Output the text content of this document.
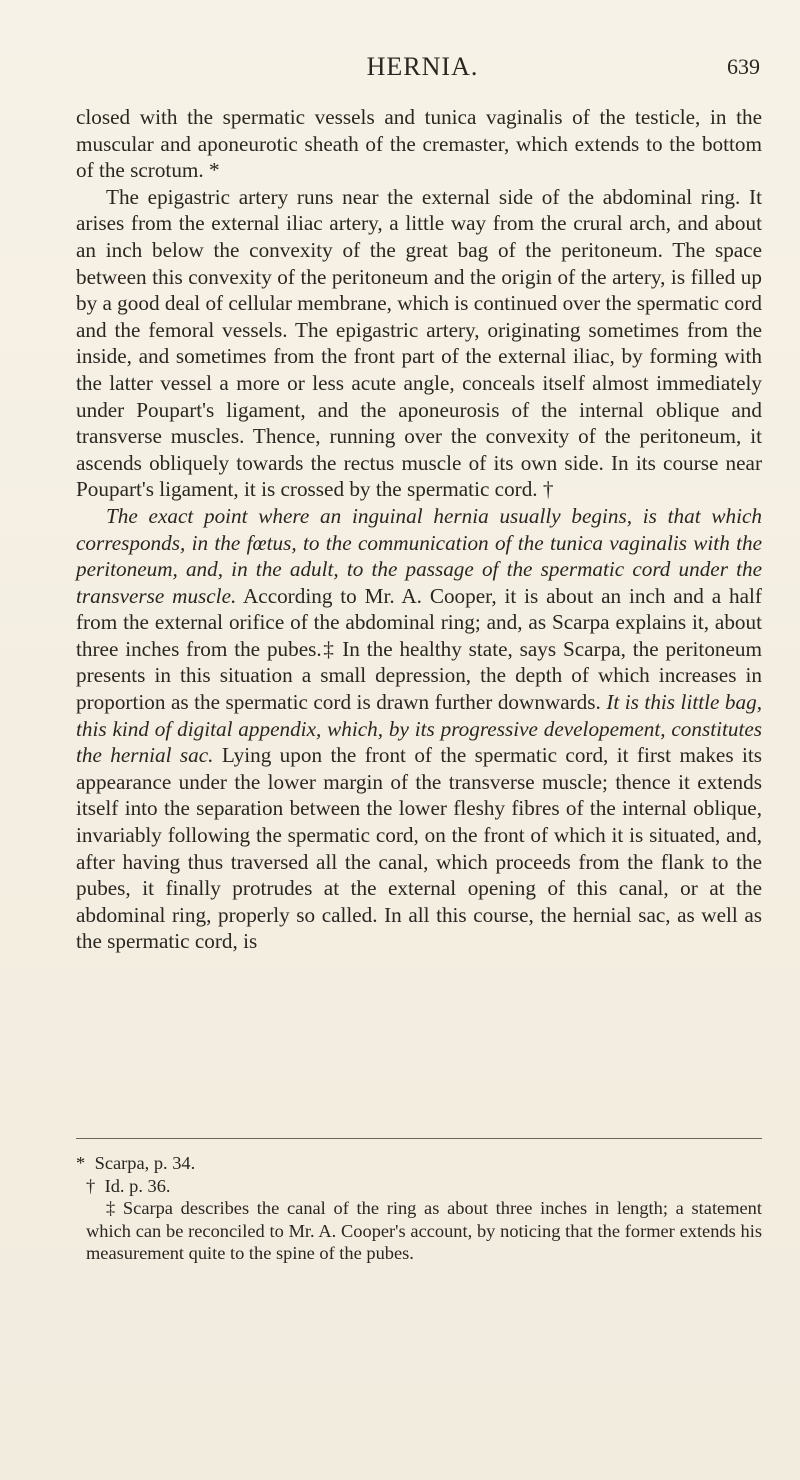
HERNIA.	639

closed with the spermatic vessels and tunica vaginalis of the testicle, in the muscular and aponeurotic sheath of the cremaster, which extends to the bottom of the scrotum. *

The epigastric artery runs near the external side of the abdominal ring. It arises from the external iliac artery, a little way from the crural arch, and about an inch below the convexity of the great bag of the peritoneum. The space between this convexity of the peritoneum and the origin of the artery, is filled up by a good deal of cellular membrane, which is continued over the spermatic cord and the femoral vessels. The epigastric artery, originating sometimes from the inside, and sometimes from the front part of the external iliac, by forming with the latter vessel a more or less acute angle, conceals itself almost immediately under Poupart's ligament, and the aponeurosis of the internal oblique and transverse muscles. Thence, running over the convexity of the peritoneum, it ascends obliquely towards the rectus muscle of its own side. In its course near Poupart's ligament, it is crossed by the spermatic cord. †

The exact point where an inguinal hernia usually begins, is that which corresponds, in the fœtus, to the communication of the tunica vaginalis with the peritoneum, and, in the adult, to the passage of the spermatic cord under the transverse muscle. According to Mr. A. Cooper, it is about an inch and a half from the external orifice of the abdominal ring; and, as Scarpa explains it, about three inches from the pubes.‡ In the healthy state, says Scarpa, the peritoneum presents in this situation a small depression, the depth of which increases in proportion as the spermatic cord is drawn further downwards. It is this little bag, this kind of digital appendix, which, by its progressive developement, constitutes the hernial sac. Lying upon the front of the spermatic cord, it first makes its appearance under the lower margin of the transverse muscle; thence it extends itself into the separation between the lower fleshy fibres of the internal oblique, invariably following the spermatic cord, on the front of which it is situated, and, after having thus traversed all the canal, which proceeds from the flank to the pubes, it finally protrudes at the external opening of this canal, or at the abdominal ring, properly so called. In all this course, the hernial sac, as well as the spermatic cord, is

* Scarpa, p. 34.

† Id. p. 36.

‡ Scarpa describes the canal of the ring as about three inches in length; a statement which can be reconciled to Mr. A. Cooper's account, by noticing that the former extends his measurement quite to the spine of the pubes.
